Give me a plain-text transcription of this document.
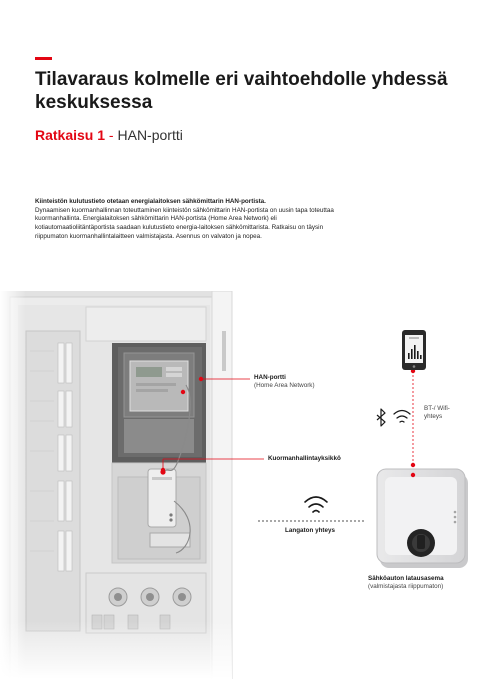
Tilavaraus kolmelle eri vaihtoehdolle yhdessä keskuksessa

Ratkaisu 1 - HAN-portti

Kiinteistön kulutustieto otetaan energialaitoksen sähkömittarin HAN-portista.
Dynaamisen kuormanhallinnan toteuttaminen kiinteistön sähkömittarin HAN-portista on uusin tapa toteuttaa kuormanhallinta. Energialaitoksen sähkömittarin HAN-portista (Home Area Network) eli kotiautomaatioliitäntäportista saadaan kulutustieto energia-laitoksen sähkömittarista. Ratkaisu on täysin riippumaton kuormanhallintalaitteen valmistajasta. Asennus on valvaton ja nopea.
HAN-portti
(Home Area Network)
Kuormanhallintayksikkö
BT-/ Wifi-
yhteys
Langaton yhteys
Sähköauton latausasema
(valmistajasta riippumaton)
